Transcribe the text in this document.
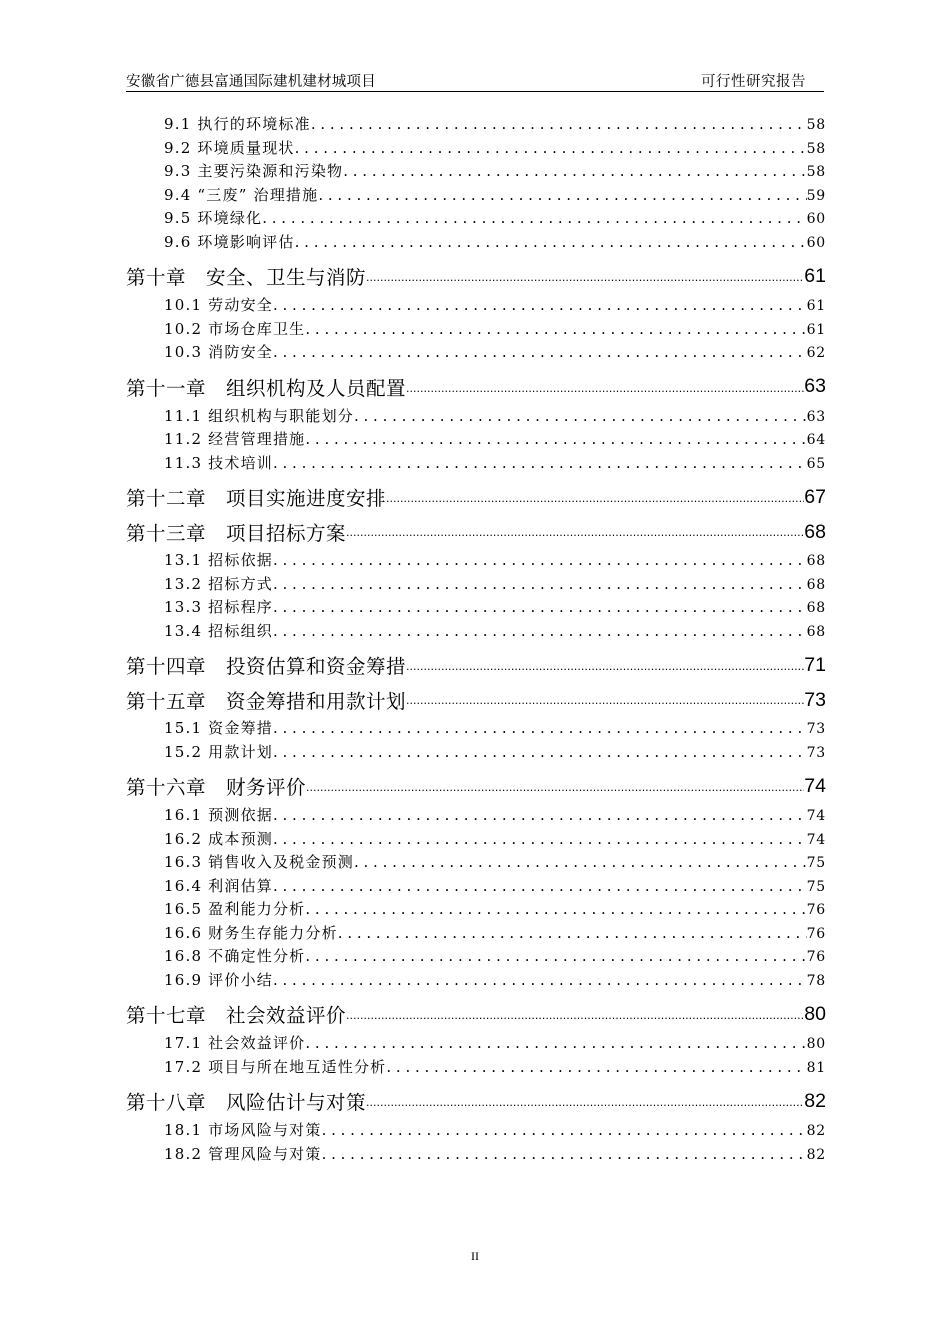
安徽省广德县富通国际建机建材城项目	可行性研究报告
9.1 执行的环境标准 . . .	58
9.2 环境质量现状 . . .	58
9.3 主要污染源和污染物 . . .	58
9.4 “三废” 治理措施 . . .	59
9.5 环境绿化 . . .	60
9.6 环境影响评估 . . .	60
第十章　安全、卫生与消防 .....	61
10.1 劳动安全 . . .	61
10.2 市场仓库卫生 . . .	61
10.3 消防安全 . . .	62
第十一章　组织机构及人员配置 .....	63
11.1 组织机构与职能划分 . . .	63
11.2 经营管理措施 . . .	64
11.3 技术培训 . . .	65
第十二章　项目实施进度安排 .....	67
第十三章　项目招标方案 .....	68
13.1 招标依据 . . .	68
13.2 招标方式 . . .	68
13.3 招标程序 . . .	68
13.4 招标组织 . . .	68
第十四章　投资估算和资金筹措 .....	71
第十五章　资金筹措和用款计划 .....	73
15.1 资金筹措 . . .	73
15.2 用款计划 . . .	73
第十六章　财务评价 .....	74
16.1 预测依据 . . .	74
16.2 成本预测 . . .	74
16.3 销售收入及税金预测 . . .	75
16.4 利润估算 . . .	75
16.5 盈利能力分析 . . .	76
16.6 财务生存能力分析 . . .	76
16.8 不确定性分析 . . .	76
16.9 评价小结 . . .	78
第十七章　社会效益评价 .....	80
17.1 社会效益评价 . . .	80
17.2 项目与所在地互适性分析 . . .	81
第十八章　风险估计与对策 .....	82
18.1 市场风险与对策 . . .	82
18.2 管理风险与对策 . . .	82
II
